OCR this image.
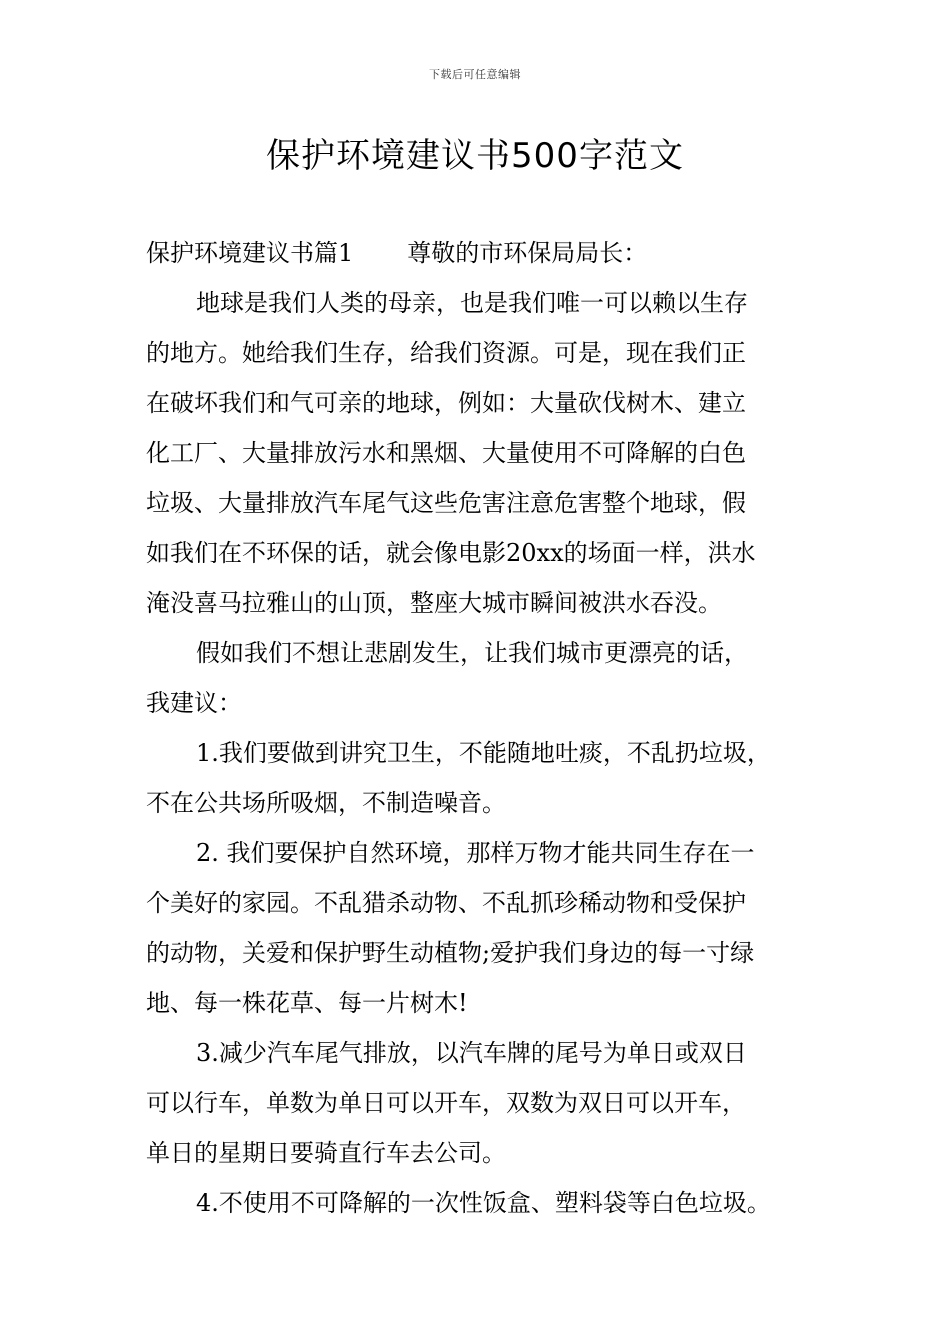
下载后可任意编辑
保护环境建议书500字范文

保护环境建议书篇1 尊敬的市环保局局长：

地球是我们人类的母亲，也是我们唯一可以赖以生存

的地方。她给我们生存，给我们资源。可是，现在我们正

在破坏我们和气可亲的地球，例如：大量砍伐树木、建立

化工厂、大量排放污水和黑烟、大量使用不可降解的白色

垃圾、大量排放汽车尾气这些危害注意危害整个地球，假

如我们在不环保的话，就会像电影20xx的场面一样，洪水

淹没喜马拉雅山的山顶，整座大城市瞬间被洪水吞没。

假如我们不想让悲剧发生，让我们城市更漂亮的话，

我建议：

1.我们要做到讲究卫生，不能随地吐痰，不乱扔垃圾，

不在公共场所吸烟，不制造噪音。

2. 我们要保护自然环境，那样万物才能共同生存在一

个美好的家园。不乱猎杀动物、不乱抓珍稀动物和受保护

的动物，关爱和保护野生动植物;爱护我们身边的每一寸绿

地、每一株花草、每一片树木!

3.减少汽车尾气排放，以汽车牌的尾号为单日或双日

可以行车，单数为单日可以开车，双数为双日可以开车，

单日的星期日要骑直行车去公司。

4.不使用不可降解的一次性饭盒、塑料袋等白色垃圾。
